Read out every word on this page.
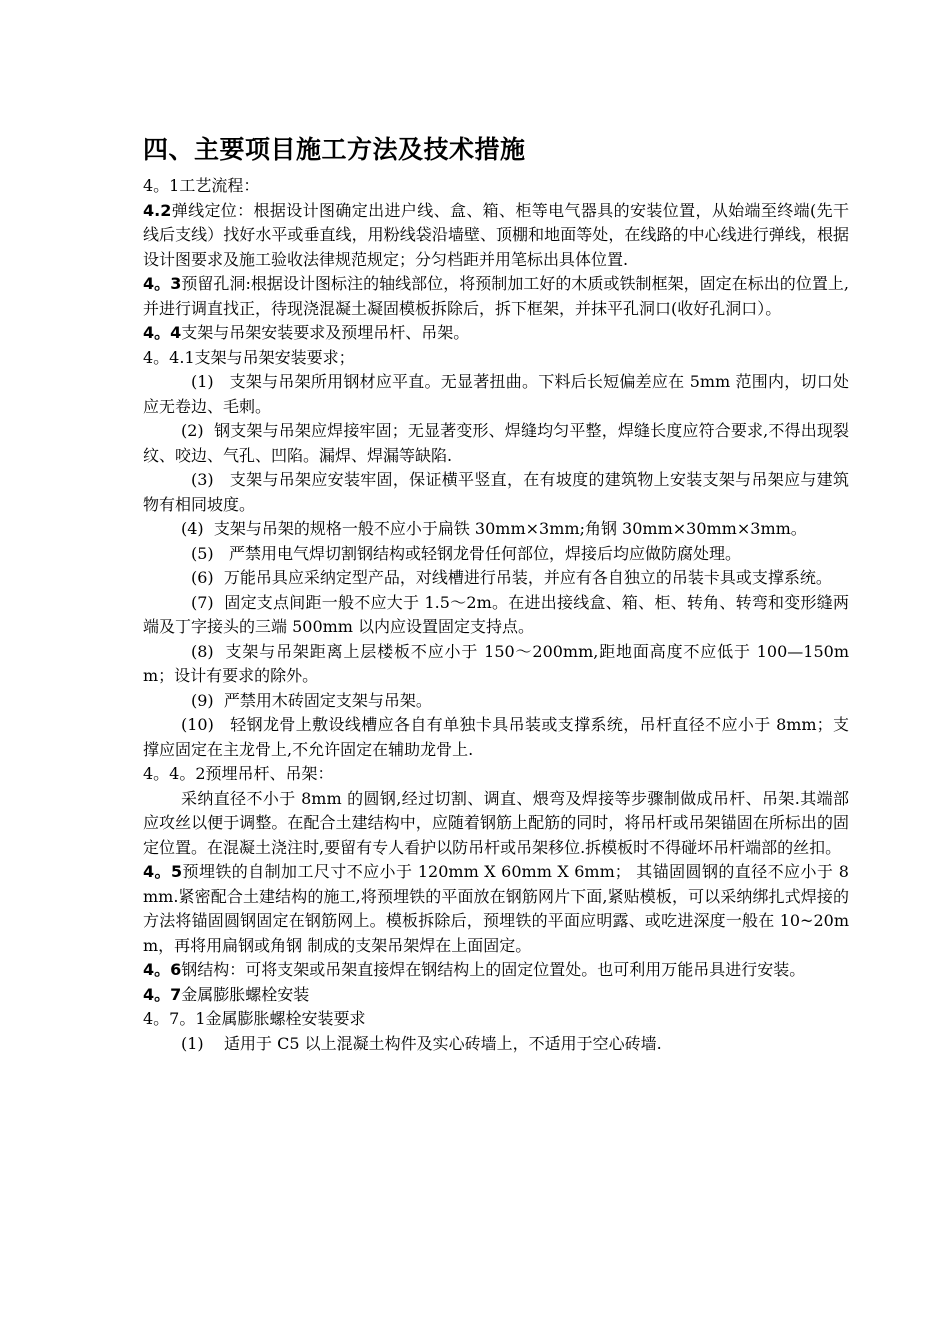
四、主要项目施工方法及技术措施

4。1工艺流程：

4.2弹线定位：根据设计图确定出进户线、盒、箱、柜等电气器具的安装位置，从始端至终端(先干线后支线）找好水平或垂直线，用粉线袋沿墙壁、顶棚和地面等处，在线路的中心线进行弹线，根据设计图要求及施工验收法律规范规定；分匀档距并用笔标出具体位置.

4。3预留孔洞:根据设计图标注的轴线部位，将预制加工好的木质或铁制框架，固定在标出的位置上,并进行调直找正，待现浇混凝土凝固模板拆除后，拆下框架，并抹平孔洞口(收好孔洞口）。

4。4支架与吊架安装要求及预埋吊杆、吊架。

4。4.1支架与吊架安装要求；

(1) 支架与吊架所用钢材应平直。无显著扭曲。下料后长短偏差应在 5mm 范围内，切口处应无卷边、毛刺。

(2) 钢支架与吊架应焊接牢固；无显著变形、焊缝均匀平整，焊缝长度应符合要求,不得出现裂纹、咬边、气孔、凹陷。漏焊、焊漏等缺陷.

(3) 支架与吊架应安装牢固，保证横平竖直，在有坡度的建筑物上安装支架与吊架应与建筑物有相同坡度。

(4) 支架与吊架的规格一般不应小于扁铁 30mm×3mm;角钢 30mm×30mm×3mm。

(5) 严禁用电气焊切割钢结构或轻钢龙骨任何部位，焊接后均应做防腐处理。

(6) 万能吊具应采纳定型产品，对线槽进行吊装，并应有各自独立的吊装卡具或支撑系统。

(7) 固定支点间距一般不应大于 1.5～2m。在进出接线盒、箱、柜、转角、转弯和变形缝两端及丁字接头的三端 500mm 以内应设置固定支持点。

(8) 支架与吊架距离上层楼板不应小于 150～200mm,距地面高度不应低于 100—150mm；设计有要求的除外。

(9) 严禁用木砖固定支架与吊架。

(10) 轻钢龙骨上敷设线槽应各自有单独卡具吊装或支撑系统，吊杆直径不应小于 8mm；支撑应固定在主龙骨上,不允许固定在辅助龙骨上.

4。4。2预埋吊杆、吊架：

采纳直径不小于 8mm 的圆钢,经过切割、调直、煨弯及焊接等步骤制做成吊杆、吊架.其端部应攻丝以便于调整。在配合土建结构中，应随着钢筋上配筋的同时，将吊杆或吊架锚固在所标出的固定位置。在混凝土浇注时,要留有专人看护以防吊杆或吊架移位.拆模板时不得碰坏吊杆端部的丝扣。

4。5预埋铁的自制加工尺寸不应小于 120mm X 60mm X 6mm； 其锚固圆钢的直径不应小于 8mm.紧密配合土建结构的施工,将预埋铁的平面放在钢筋网片下面,紧贴模板，可以采纳绑扎式焊接的方法将锚固圆钢固定在钢筋网上。模板拆除后，预埋铁的平面应明露、或吃进深度一般在 10~20mm，再将用扁钢或角钢 制成的支架吊架焊在上面固定。

4。6钢结构：可将支架或吊架直接焊在钢结构上的固定位置处。也可利用万能吊具进行安装。

4。7金属膨胀螺栓安装

4。7。1金属膨胀螺栓安装要求

(1) 适用于 C5 以上混凝土构件及实心砖墙上，不适用于空心砖墙.
